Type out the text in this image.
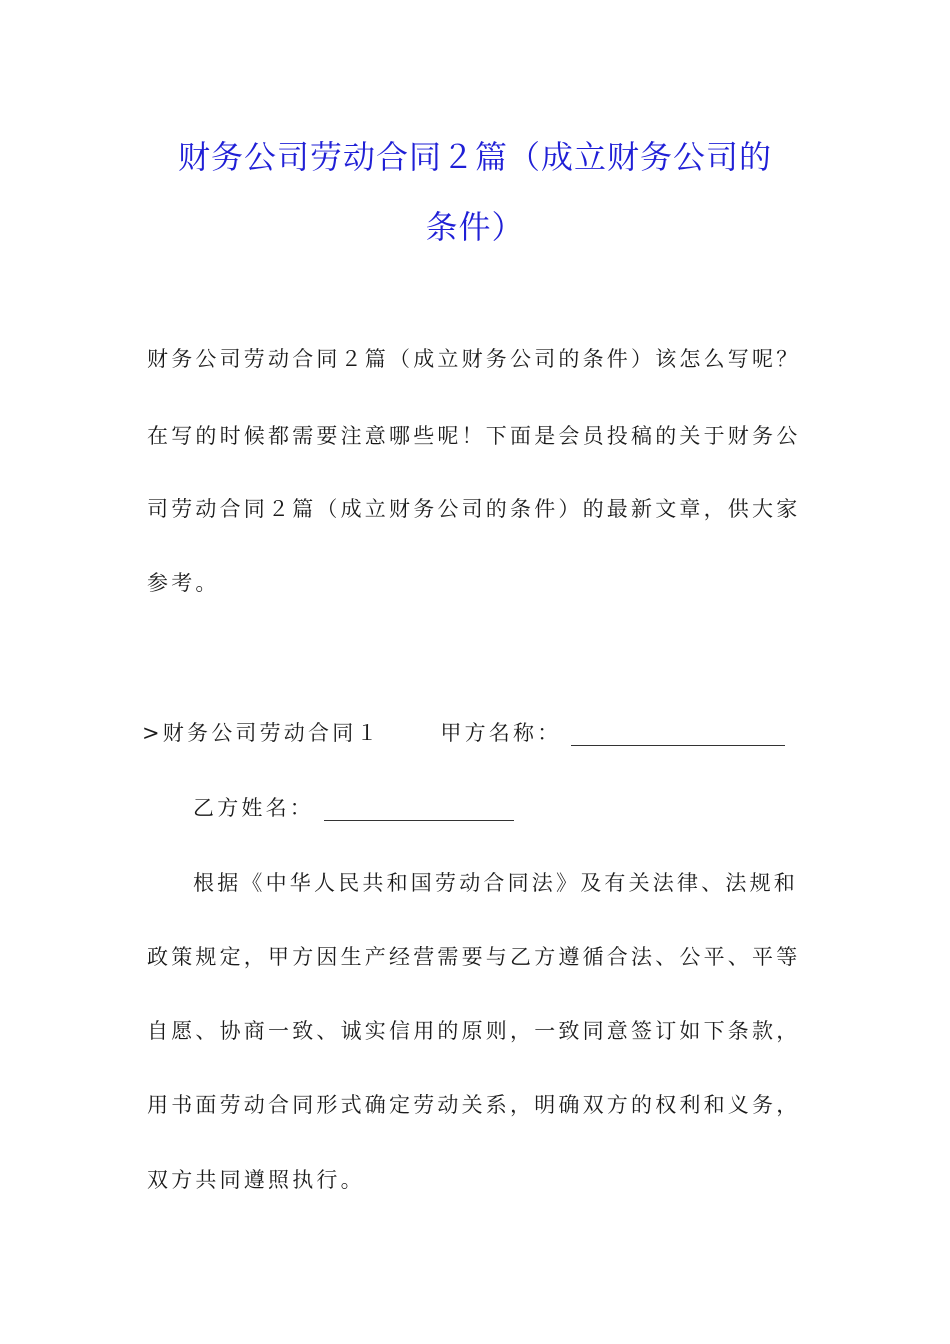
财务公司劳动合同２篇（成立财务公司的
条件）
财务公司劳动合同２篇（成立财务公司的条件）该怎么写呢？
在写的时候都需要注意哪些呢！下面是会员投稿的关于财务公
司劳动合同２篇（成立财务公司的条件）的最新文章，供大家
参考。
>财务公司劳动合同１	甲方名称：
乙方姓名：
根据《中华人民共和国劳动合同法》及有关法律、法规和
政策规定，甲方因生产经营需要与乙方遵循合法、公平、平等
自愿、协商一致、诚实信用的原则，一致同意签订如下条款，
用书面劳动合同形式确定劳动关系，明确双方的权利和义务，
双方共同遵照执行。
